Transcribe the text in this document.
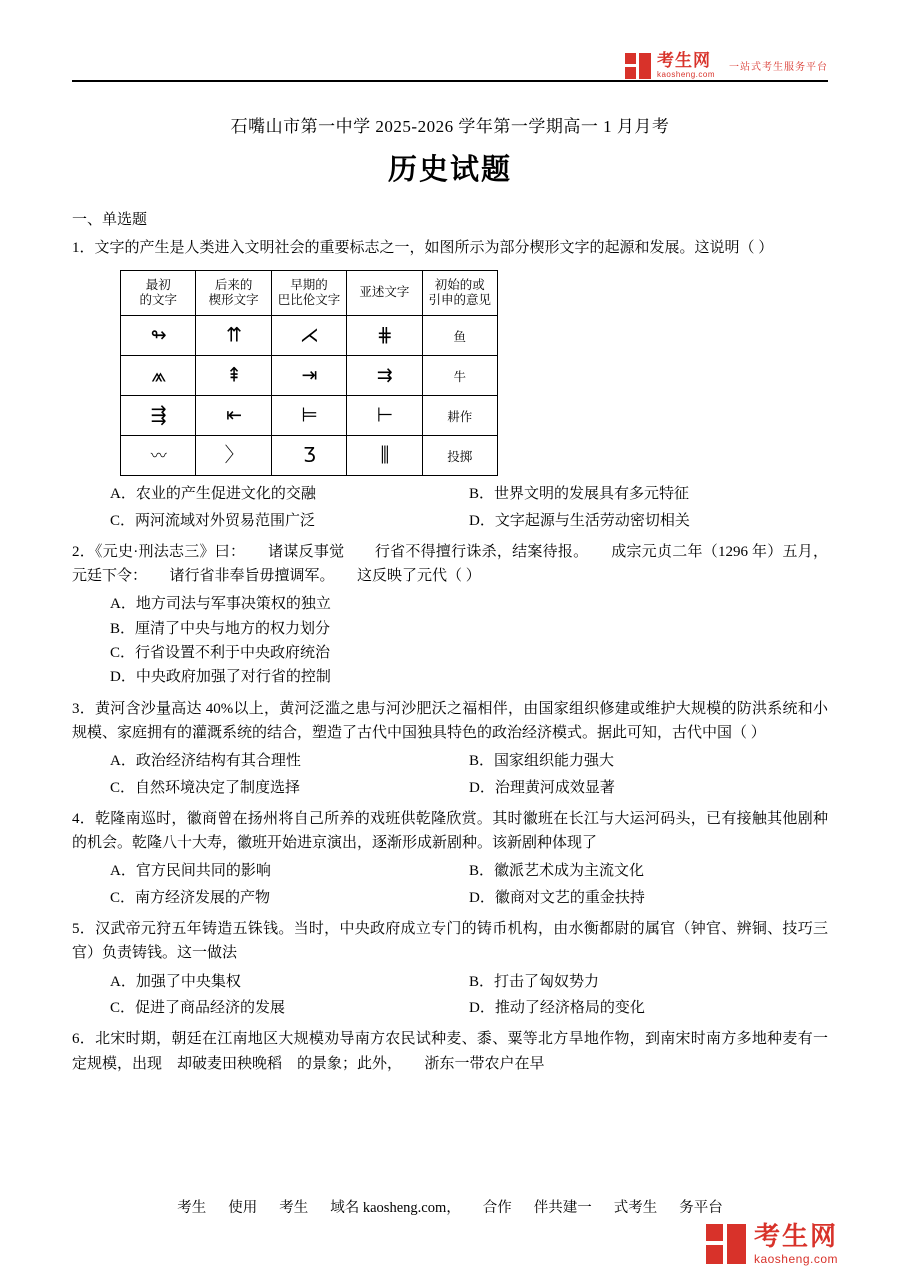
考生网
kaosheng.com
一站式考生服务平台
石嘴山市第一中学 2025-2026 学年第一学期高一 1 月月考
历史试题
一、单选题
1．文字的产生是人类进入文明社会的重要标志之一，如图所示为部分楔形文字的起源和发展。这说明（ ）
最初
的文字	后来的
楔形文字	早期的
巴比伦文字	亚述文字	初始的或
引申的意见
↬	⇈	⋌	⋕	鱼
⩕	⇞	⇥	⇉	牛
⇶	⇤	⊨	⊢	耕作
〰	〉	Ʒ	⫼	投掷
A．农业的产生促进文化的交融	B．世界文明的发展具有多元特征
C．两河流域对外贸易范围广泛	D．文字起源与生活劳动密切相关
2．《元史·刑法志三》曰：　　诸谋反事觉　　行省不得擅行诛杀，结案待报。　　成宗元贞二年（1296 年）五月，元廷下令：　　诸行省非奉旨毋擅调军。　　这反映了元代（ ）
A．地方司法与军事决策权的独立
B．厘清了中央与地方的权力划分
C．行省设置不利于中央政府统治
D．中央政府加强了对行省的控制
3．黄河含沙量高达 40%以上，黄河泛滥之患与河沙肥沃之福相伴，由国家组织修建或维护大规模的防洪系统和小规模、家庭拥有的灌溉系统的结合，塑造了古代中国独具特色的政治经济模式。据此可知，古代中国（ ）
A．政治经济结构有其合理性	B．国家组织能力强大
C．自然环境决定了制度选择	D．治理黄河成效显著
4．乾隆南巡时，徽商曾在扬州将自己所养的戏班供乾隆欣赏。其时徽班在长江与大运河码头，已有接触其他剧种的机会。乾隆八十大寿，徽班开始进京演出，逐渐形成新剧种。该新剧种体现了
A．官方民间共同的影响	B．徽派艺术成为主流文化
C．南方经济发展的产物	D．徽商对文艺的重金扶持
5．汉武帝元狩五年铸造五铢钱。当时，中央政府成立专门的铸币机构，由水衡都尉的属官（钟官、辨铜、技巧三官）负责铸钱。这一做法
A．加强了中央集权	B．打击了匈奴势力
C．促进了商品经济的发展	D．推动了经济格局的变化
6．北宋时期，朝廷在江南地区大规模劝导南方农民试种麦、黍、粟等北方旱地作物，到南宋时南方多地种麦有一定规模，出现　却破麦田秧晚稻　的景象；此外，　　浙东一带农户在早
考生 使用 考生 域名 kaosheng.com， 合作 伴共建一 式考生 务平台
考生网
kaosheng.com
